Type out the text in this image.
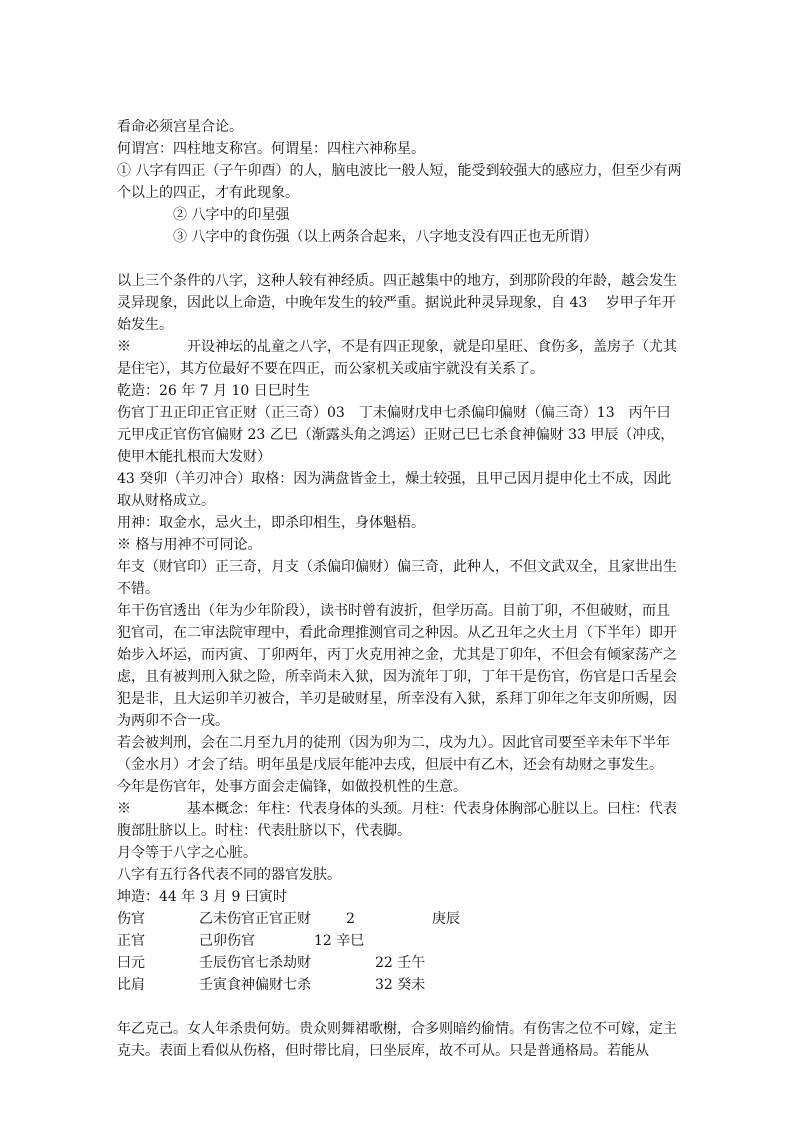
看命必须宫星合论。

何谓宫：四柱地支称宫。何谓星：四柱六神称星。

① 八字有四正（子午卯酉）的人，脑电波比一般人短，能受到较强大的感应力，但至少有两个以上的四正，才有此现象。

② 八字中的印星强

③ 八字中的食伤强（以上两条合起来，八字地支没有四正也无所谓）

以上三个条件的八字，这种人较有神经质。四正越集中的地方，到那阶段的年龄，越会发生灵异现象，因此以上命造，中晚年发生的较严重。据说此种灵异现象，自 43　 岁甲子年开始发生。

※　　　　开设神坛的乩童之八字，不是有四正现象，就是印星旺、食伤多，盖房子（尤其是住宅），其方位最好不要在四正，而公家机关或庙宇就没有关系了。

乾造：26 年 7 月 10 日巳时生

伤官丁丑正印正官正财（正三奇）03　丁未偏财戊申七杀偏印偏财（偏三奇）13　丙午曰元甲戌正官伤官偏财 23 乙巳（渐露头角之鸿运）正财己巳七杀食神偏财 33 甲辰（冲戌，使甲木能扎根而大发财）

43 癸卯（羊刃冲合）取格：因为满盘皆金土，燥土较强，且甲己因月提申化土不成，因此取从财格成立。

用神：取金水，忌火土，即杀印相生，身体魁梧。

※ 格与用神不可同论。

年支（财官印）正三奇，月支（杀偏印偏财）偏三奇，此种人，不但文武双全，且家世出生不错。

年干伤官透出（年为少年阶段），读书时曾有波折，但学历高。目前丁卯，不但破财，而且犯官司，在二审法院审理中，看此命理推测官司之种因。从乙丑年之火土月（下半年）即开始步入坏运，而丙寅、丁卯两年，丙丁火克用神之金，尤其是丁卯年，不但会有倾家荡产之虑，且有被判刑入狱之险，所幸尚未入狱，因为流年丁卯，丁年干是伤官，伤官是口舌星会犯是非，且大运卯羊刃被合，羊刃是破财星，所幸没有入狱，系拜丁卯年之年支卯所赐，因为两卯不合一戌。

若会被判刑，会在二月至九月的徒刑（因为卯为二，戌为九）。因此官司要至辛未年下半年（金水月）才会了结。明年虽是戊辰年能冲去戌，但辰中有乙木，还会有劫财之事发生。

今年是伤官年，处事方面会走偏锋，如做投机性的生意。

※　　　　基本概念：年柱：代表身体的头颈。月柱：代表身体胸部心脏以上。曰柱：代表腹部肚脐以上。时柱：代表肚脐以下，代表脚。

月令等于八字之心脏。

八字有五行各代表不同的器官发肤。

坤造：44 年 3 月 9 曰寅时

伤官	乙未伤官正官正财	2	庚辰
正官	己卯伤官	12 辛巳
曰元	壬辰伤官七杀劫财	22 壬午
比肩	壬寅食神偏财七杀	32 癸未

年乙克己。女人年杀贵何妨。贵众则舞裙歌榭，合多则暗约偷情。有伤害之位不可嫁，定主克夫。表面上看似从伤格，但时带比肩，曰坐辰库，故不可从。只是普通格局。若能从
